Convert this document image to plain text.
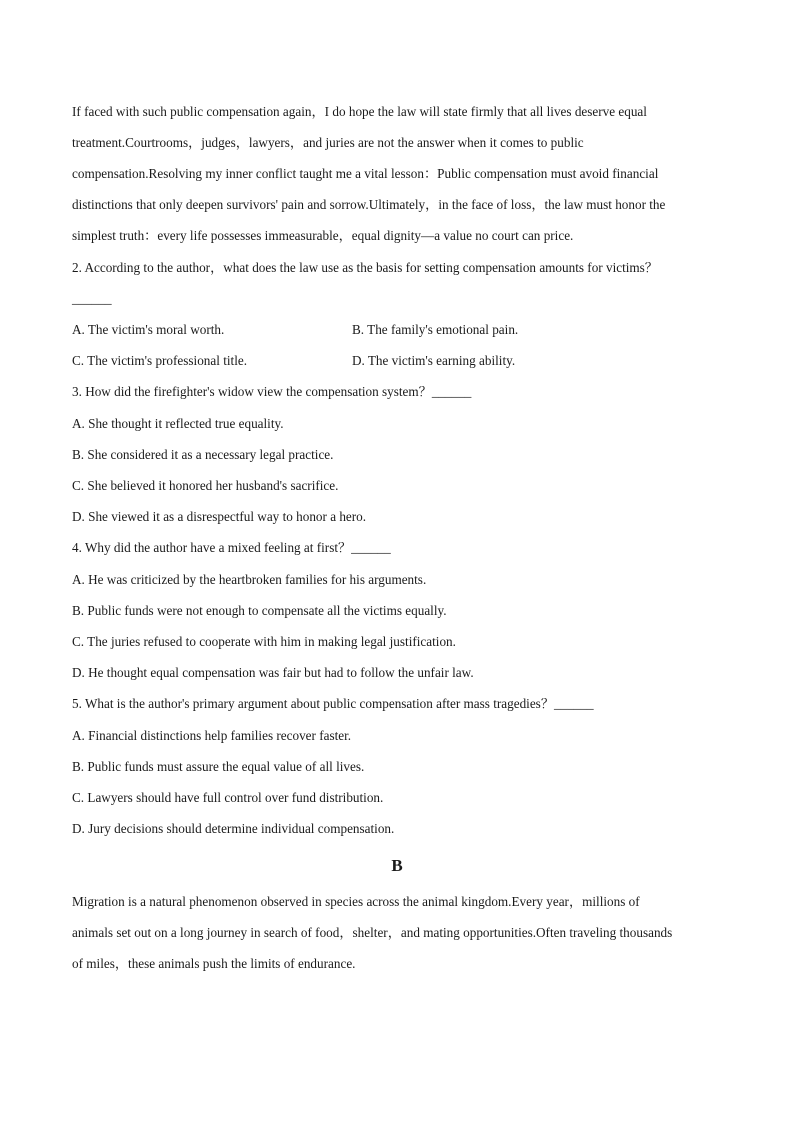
If faced with such public compensation again，I do hope the law will state firmly that all lives deserve equal
treatment.Courtrooms，judges，lawyers，and juries are not the answer when it comes to public
compensation.Resolving my inner conflict taught me a vital lesson：Public compensation must avoid financial
distinctions that only deepen survivors' pain and sorrow.Ultimately，in the face of loss，the law must honor the
simplest truth：every life possesses immeasurable，equal dignity—a value no court can price.
2. According to the author，what does the law use as the basis for setting compensation amounts for victims？
______
A. The victim's moral worth.	B. The family's emotional pain.
C. The victim's professional title.	D. The victim's earning ability.
3. How did the firefighter's widow view the compensation system？______
A. She thought it reflected true equality.
B. She considered it as a necessary legal practice.
C. She believed it honored her husband's sacrifice.
D. She viewed it as a disrespectful way to honor a hero.
4. Why did the author have a mixed feeling at first？______
A. He was criticized by the heartbroken families for his arguments.
B. Public funds were not enough to compensate all the victims equally.
C. The juries refused to cooperate with him in making legal justification.
D. He thought equal compensation was fair but had to follow the unfair law.
5. What is the author's primary argument about public compensation after mass tragedies？______
A. Financial distinctions help families recover faster.
B. Public funds must assure the equal value of all lives.
C. Lawyers should have full control over fund distribution.
D. Jury decisions should determine individual compensation.
B
Migration is a natural phenomenon observed in species across the animal kingdom.Every year，millions of
animals set out on a long journey in search of food，shelter，and mating opportunities.Often traveling thousands
of miles，these animals push the limits of endurance.
